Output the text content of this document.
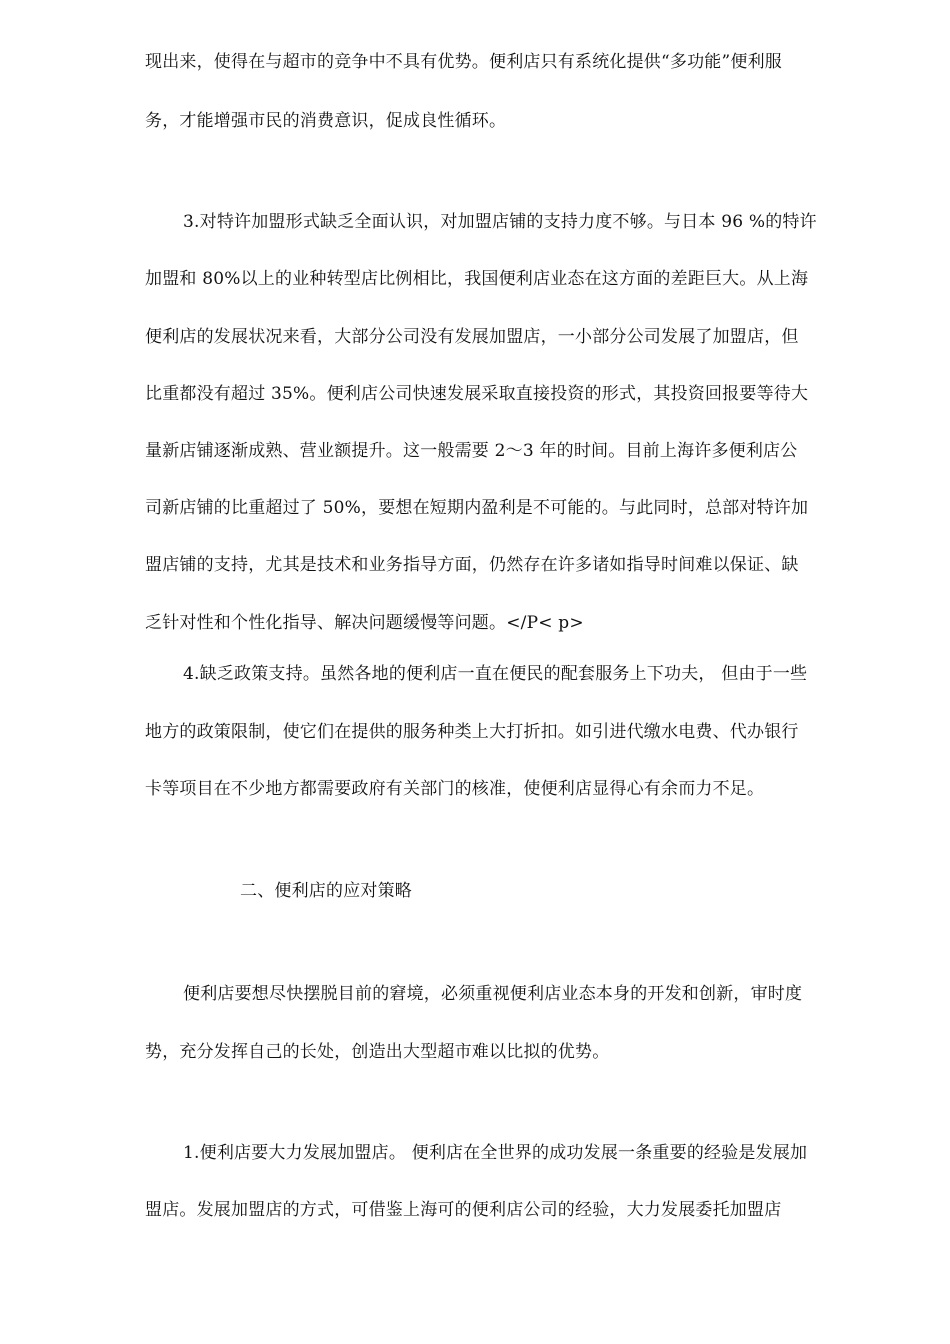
现出来，使得在与超市的竞争中不具有优势。便利店只有系统化提供“多功能”便利服
务，才能增强市民的消费意识，促成良性循环。
3.对特许加盟形式缺乏全面认识，对加盟店铺的支持力度不够。与日本 96 %的特许
加盟和 80%以上的业种转型店比例相比，我国便利店业态在这方面的差距巨大。从上海
便利店的发展状况来看，大部分公司没有发展加盟店，一小部分公司发展了加盟店，但
比重都没有超过 35%。便利店公司快速发展采取直接投资的形式，其投资回报要等待大
量新店铺逐渐成熟、营业额提升。这一般需要 2～3 年的时间。目前上海许多便利店公
司新店铺的比重超过了 50%，要想在短期内盈利是不可能的。与此同时，总部对特许加
盟店铺的支持，尤其是技术和业务指导方面，仍然存在许多诸如指导时间难以保证、缺
乏针对性和个性化指导、解决问题缓慢等问题。</P< p>
4.缺乏政策支持。虽然各地的便利店一直在便民的配套服务上下功夫， 但由于一些
地方的政策限制，使它们在提供的服务种类上大打折扣。如引进代缴水电费、代办银行
卡等项目在不少地方都需要政府有关部门的核准，使便利店显得心有余而力不足。
二、便利店的应对策略
便利店要想尽快摆脱目前的窘境，必须重视便利店业态本身的开发和创新，审时度
势，充分发挥自己的长处，创造出大型超市难以比拟的优势。
1.便利店要大力发展加盟店。 便利店在全世界的成功发展一条重要的经验是发展加
盟店。发展加盟店的方式，可借鉴上海可的便利店公司的经验，大力发展委托加盟店
